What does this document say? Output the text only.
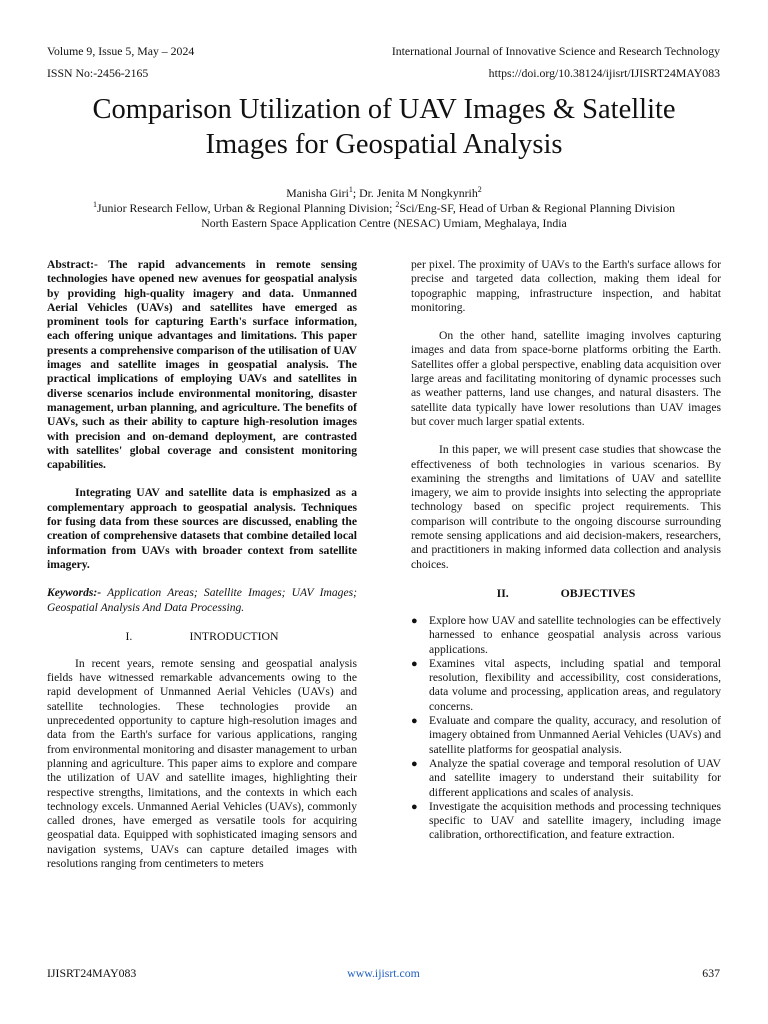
Volume 9, Issue 5, May – 2024	International Journal of Innovative Science and Research Technology
ISSN No:-2456-2165	https://doi.org/10.38124/ijisrt/IJISRT24MAY083
Comparison Utilization of UAV Images & Satellite
Images for Geospatial Analysis
Manisha Giri$^1$; Dr. Jenita M Nongkynrih$^2$
$^1$Junior Research Fellow, Urban & Regional Planning Division; $^2$Sci/Eng-SF, Head of Urban & Regional Planning Division
North Eastern Space Application Centre (NESAC) Umiam, Meghalaya, India

Abstract:- The rapid advancements in remote sensing technologies have opened new avenues for geospatial analysis by providing high-quality imagery and data. Unmanned Aerial Vehicles (UAVs) and satellites have emerged as prominent tools for capturing Earth's surface information, each offering unique advantages and limitations. This paper presents a comprehensive comparison of the utilisation of UAV images and satellite images in geospatial analysis. The practical implications of employing UAVs and satellites in diverse scenarios include environmental monitoring, disaster management, urban planning, and agriculture. The benefits of UAVs, such as their ability to capture high-resolution images with precision and on-demand deployment, are contrasted with satellites' global coverage and consistent monitoring capabilities.

Integrating UAV and satellite data is emphasized as a complementary approach to geospatial analysis. Techniques for fusing data from these sources are discussed, enabling the creation of comprehensive datasets that combine detailed local information from UAVs with broader context from satellite imagery.

Keywords:- Application Areas; Satellite Images; UAV Images; Geospatial Analysis And Data Processing.

I.	INTRODUCTION

In recent years, remote sensing and geospatial analysis fields have witnessed remarkable advancements owing to the rapid development of Unmanned Aerial Vehicles (UAVs) and satellite technologies. These technologies provide an unprecedented opportunity to capture high-resolution images and data from the Earth's surface for various applications, ranging from environmental monitoring and disaster management to urban planning and agriculture. This paper aims to explore and compare the utilization of UAV and satellite images, highlighting their respective strengths, limitations, and the contexts in which each technology excels. Unmanned Aerial Vehicles (UAVs), commonly called drones, have emerged as versatile tools for acquiring geospatial data. Equipped with sophisticated imaging sensors and navigation systems, UAVs can capture detailed images with resolutions ranging from centimeters to meters

per pixel. The proximity of UAVs to the Earth's surface allows for precise and targeted data collection, making them ideal for topographic mapping, infrastructure inspection, and habitat monitoring.

On the other hand, satellite imaging involves capturing images and data from space-borne platforms orbiting the Earth. Satellites offer a global perspective, enabling data acquisition over large areas and facilitating monitoring of dynamic processes such as weather patterns, land use changes, and natural disasters. The satellite data typically have lower resolutions than UAV images but cover much larger spatial extents.

In this paper, we will present case studies that showcase the effectiveness of both technologies in various scenarios. By examining the strengths and limitations of UAV and satellite imagery, we aim to provide insights into selecting the appropriate technology based on specific project requirements. This comparison will contribute to the ongoing discourse surrounding remote sensing applications and aid decision-makers, researchers, and practitioners in making informed data collection and analysis choices.

II.	OBJECTIVES
● Explore how UAV and satellite technologies can be effectively harnessed to enhance geospatial analysis across various applications.
● Examines vital aspects, including spatial and temporal resolution, flexibility and accessibility, cost considerations, data volume and processing, application areas, and regulatory concerns.
● Evaluate and compare the quality, accuracy, and resolution of imagery obtained from Unmanned Aerial Vehicles (UAVs) and satellite platforms for geospatial analysis.
● Analyze the spatial coverage and temporal resolution of UAV and satellite imagery to understand their suitability for different applications and scales of analysis.
● Investigate the acquisition methods and processing techniques specific to UAV and satellite imagery, including image calibration, orthorectification, and feature extraction.
IJISRT24MAY083	www.ijisrt.com	637
